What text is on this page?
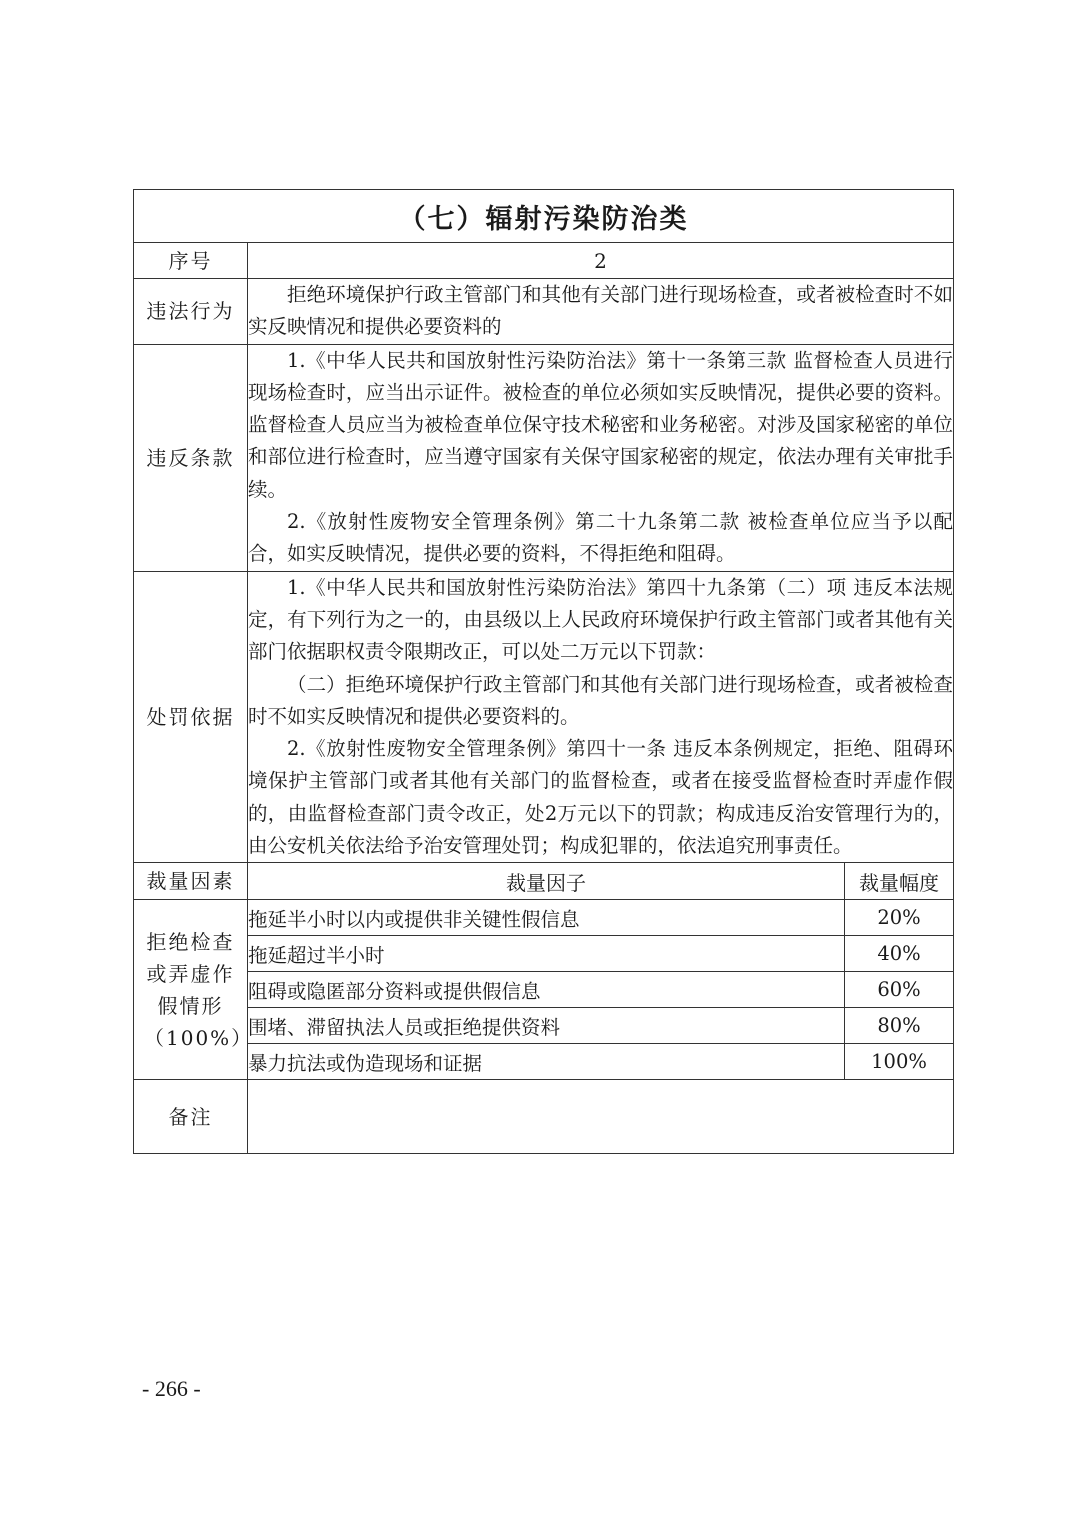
（七）辐射污染防治类		
序号	2	
违法行为	拒绝环境保护行政主管部门和其他有关部门进行现场检查，或者被检查时不如实反映情况和提供必要资料的	

违反条款	1.《中华人民共和国放射性污染防治法》第十一条第三款 监督检查人员进行现场检查时，应当出示证件。被检查的单位必须如实反映情况，提供必要的资料。监督检查人员应当为被检查单位保守技术秘密和业务秘密。对涉及国家秘密的单位和部位进行检查时，应当遵守国家有关保守国家秘密的规定，依法办理有关审批手续。

2.《放射性废物安全管理条例》第二十九条第二款 被检查单位应当予以配合，如实反映情况，提供必要的资料，不得拒绝和阻碍。	

处罚依据	1.《中华人民共和国放射性污染防治法》第四十九条第（二）项 违反本法规定，有下列行为之一的，由县级以上人民政府环境保护行政主管部门或者其他有关部门依据职权责令限期改正，可以处二万元以下罚款：

（二）拒绝环境保护行政主管部门和其他有关部门进行现场检查，或者被检查时不如实反映情况和提供必要资料的。

2.《放射性废物安全管理条例》第四十一条 违反本条例规定，拒绝、阻碍环境保护主管部门或者其他有关部门的监督检查，或者在接受监督检查时弄虚作假的，由监督检查部门责令改正，处2万元以下的罚款；构成违反治安管理行为的，由公安机关依法给予治安管理处罚；构成犯罪的，依法追究刑事责任。	

裁量因素	裁量因子	裁量幅度
拒绝检查或弄虚作假情形（100%）	拖延半小时以内或提供非关键性假信息	20%
	拖延超过半小时	40%
	阻碍或隐匿部分资料或提供假信息	60%
	围堵、滞留执法人员或拒绝提供资料	80%
	暴力抗法或伪造现场和证据	100%
备注		
- 266 -
